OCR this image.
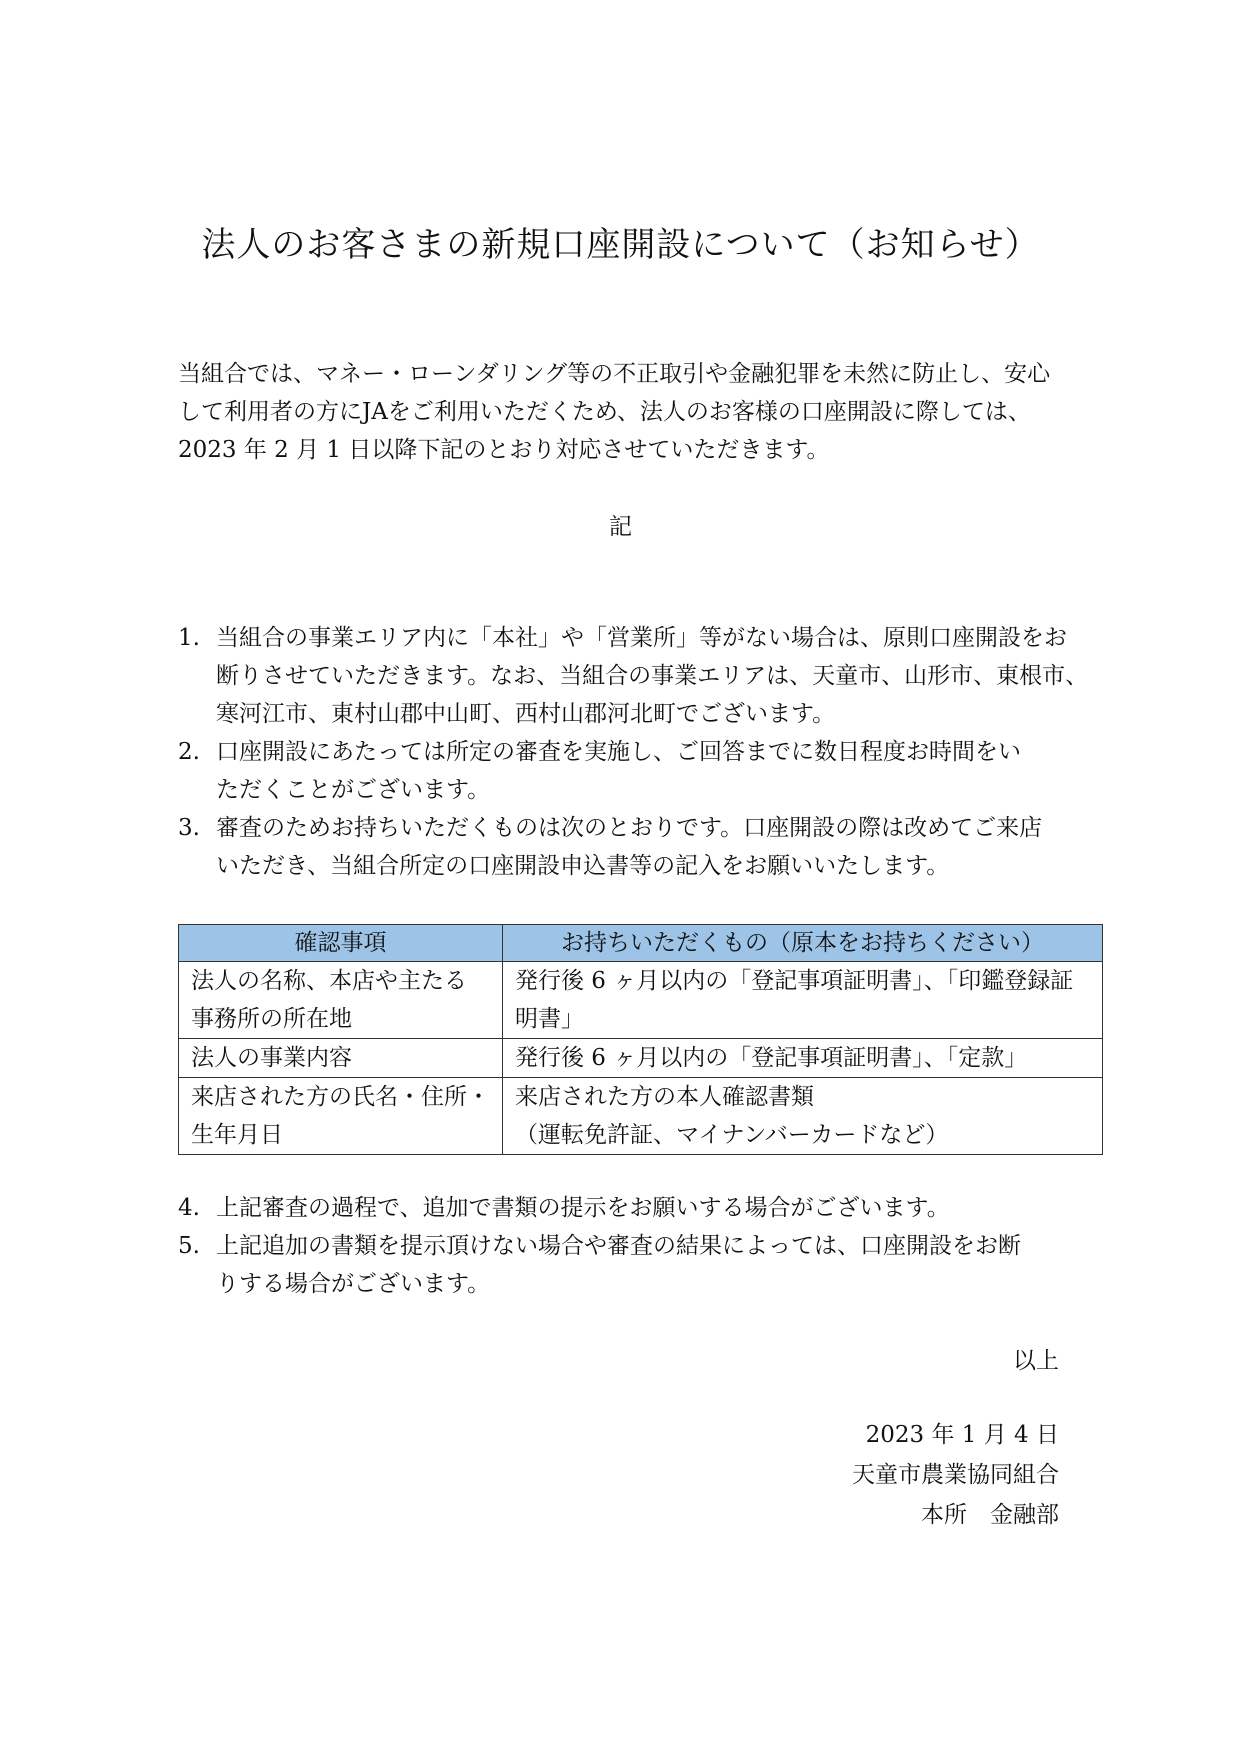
法人のお客さまの新規口座開設について（お知らせ）

当組合では、マネー・ローンダリング等の不正取引や金融犯罪を未然に防止し、安心

して利用者の方にJAをご利用いただくため、法人のお客様の口座開設に際しては、

2023 年 2 月 1 日以降下記のとおり対応させていただきます。

記
1. 当組合の事業エリア内に「本社」や「営業所」等がない場合は、原則口座開設をお
断りさせていただきます。なお、当組合の事業エリアは、天童市、山形市、東根市、
寒河江市、東村山郡中山町、西村山郡河北町でございます。
2. 口座開設にあたっては所定の審査を実施し、ご回答までに数日程度お時間をい
ただくことがございます。
3. 審査のためお持ちいただくものは次のとおりです。口座開設の際は改めてご来店
いただき、当組合所定の口座開設申込書等の記入をお願いいたします。
確認事項	お持ちいただくもの（原本をお持ちください）

法人の名称、本店や主たる
事務所の所在地	発行後 6 ヶ月以内の「登記事項証明書」、「印鑑登録証
明書」

法人の事業内容	発行後 6 ヶ月以内の「登記事項証明書」、「定款」

来店された方の氏名・住所・
生年月日	来店された方の本人確認書類
（運転免許証、マイナンバーカードなど）
4. 上記審査の過程で、追加で書類の提示をお願いする場合がございます。
5. 上記追加の書類を提示頂けない場合や審査の結果によっては、口座開設をお断
りする場合がございます。
以上
2023 年 1 月 4 日
天童市農業協同組合
本所　金融部
